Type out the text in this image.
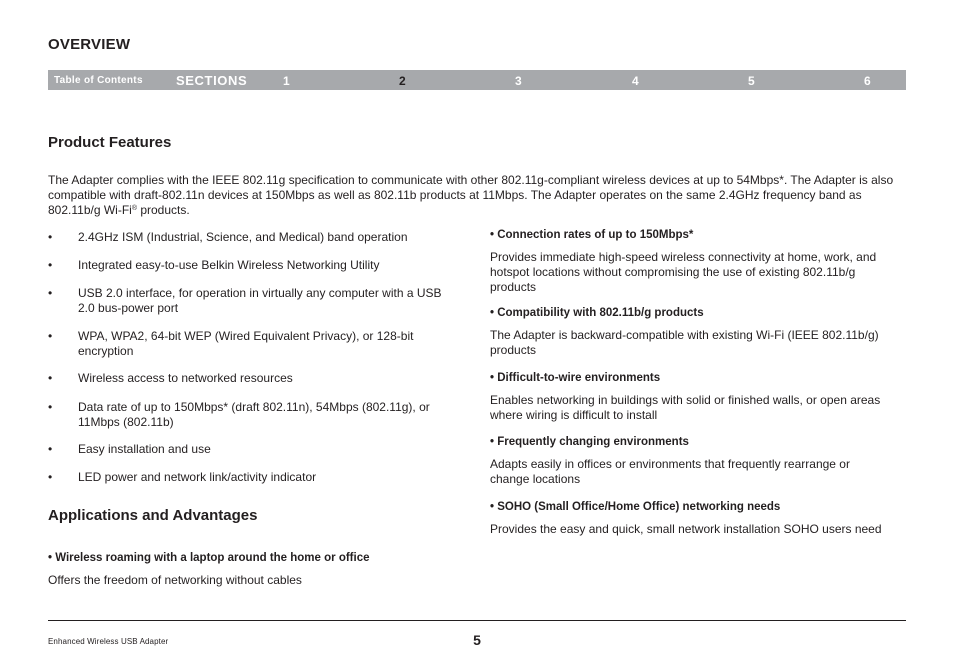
OVERVIEW
Table of Contents	SECTIONS	1	2	3	4	5	6
Product Features

The Adapter complies with the IEEE 802.11g specification to communicate with other 802.11g-compliant wireless devices at up to 54Mbps*. The Adapter is also compatible with draft-802.11n devices at 150Mbps as well as 802.11b products at 11Mbps. The Adapter operates on the same 2.4GHz frequency band as 802.11b/g Wi-Fi® products.

• 2.4GHz ISM (Industrial, Science, and Medical) band operation
• Integrated easy-to-use Belkin Wireless Networking Utility
• USB 2.0 interface, for operation in virtually any computer with a USB 2.0 bus-power port
• WPA, WPA2, 64-bit WEP (Wired Equivalent Privacy), or 128-bit encryption
• Wireless access to networked resources
• Data rate of up to 150Mbps* (draft 802.11n), 54Mbps (802.11g), or 11Mbps (802.11b)
• Easy installation and use
• LED power and network link/activity indicator
Applications and Advantages

• Wireless roaming with a laptop around the home or office

Offers the freedom of networking without cables

• Connection rates of up to 150Mbps*

Provides immediate high-speed wireless connectivity at home, work, and hotspot locations without compromising the use of existing 802.11b/g products

• Compatibility with 802.11b/g products

The Adapter is backward-compatible with existing Wi-Fi (IEEE 802.11b/g) products

• Difficult-to-wire environments

Enables networking in buildings with solid or finished walls, or open areas where wiring is difficult to install

• Frequently changing environments

Adapts easily in offices or environments that frequently rearrange or change locations

• SOHO (Small Office/Home Office) networking needs

Provides the easy and quick, small network installation SOHO users need

Enhanced Wireless USB Adapter	5
